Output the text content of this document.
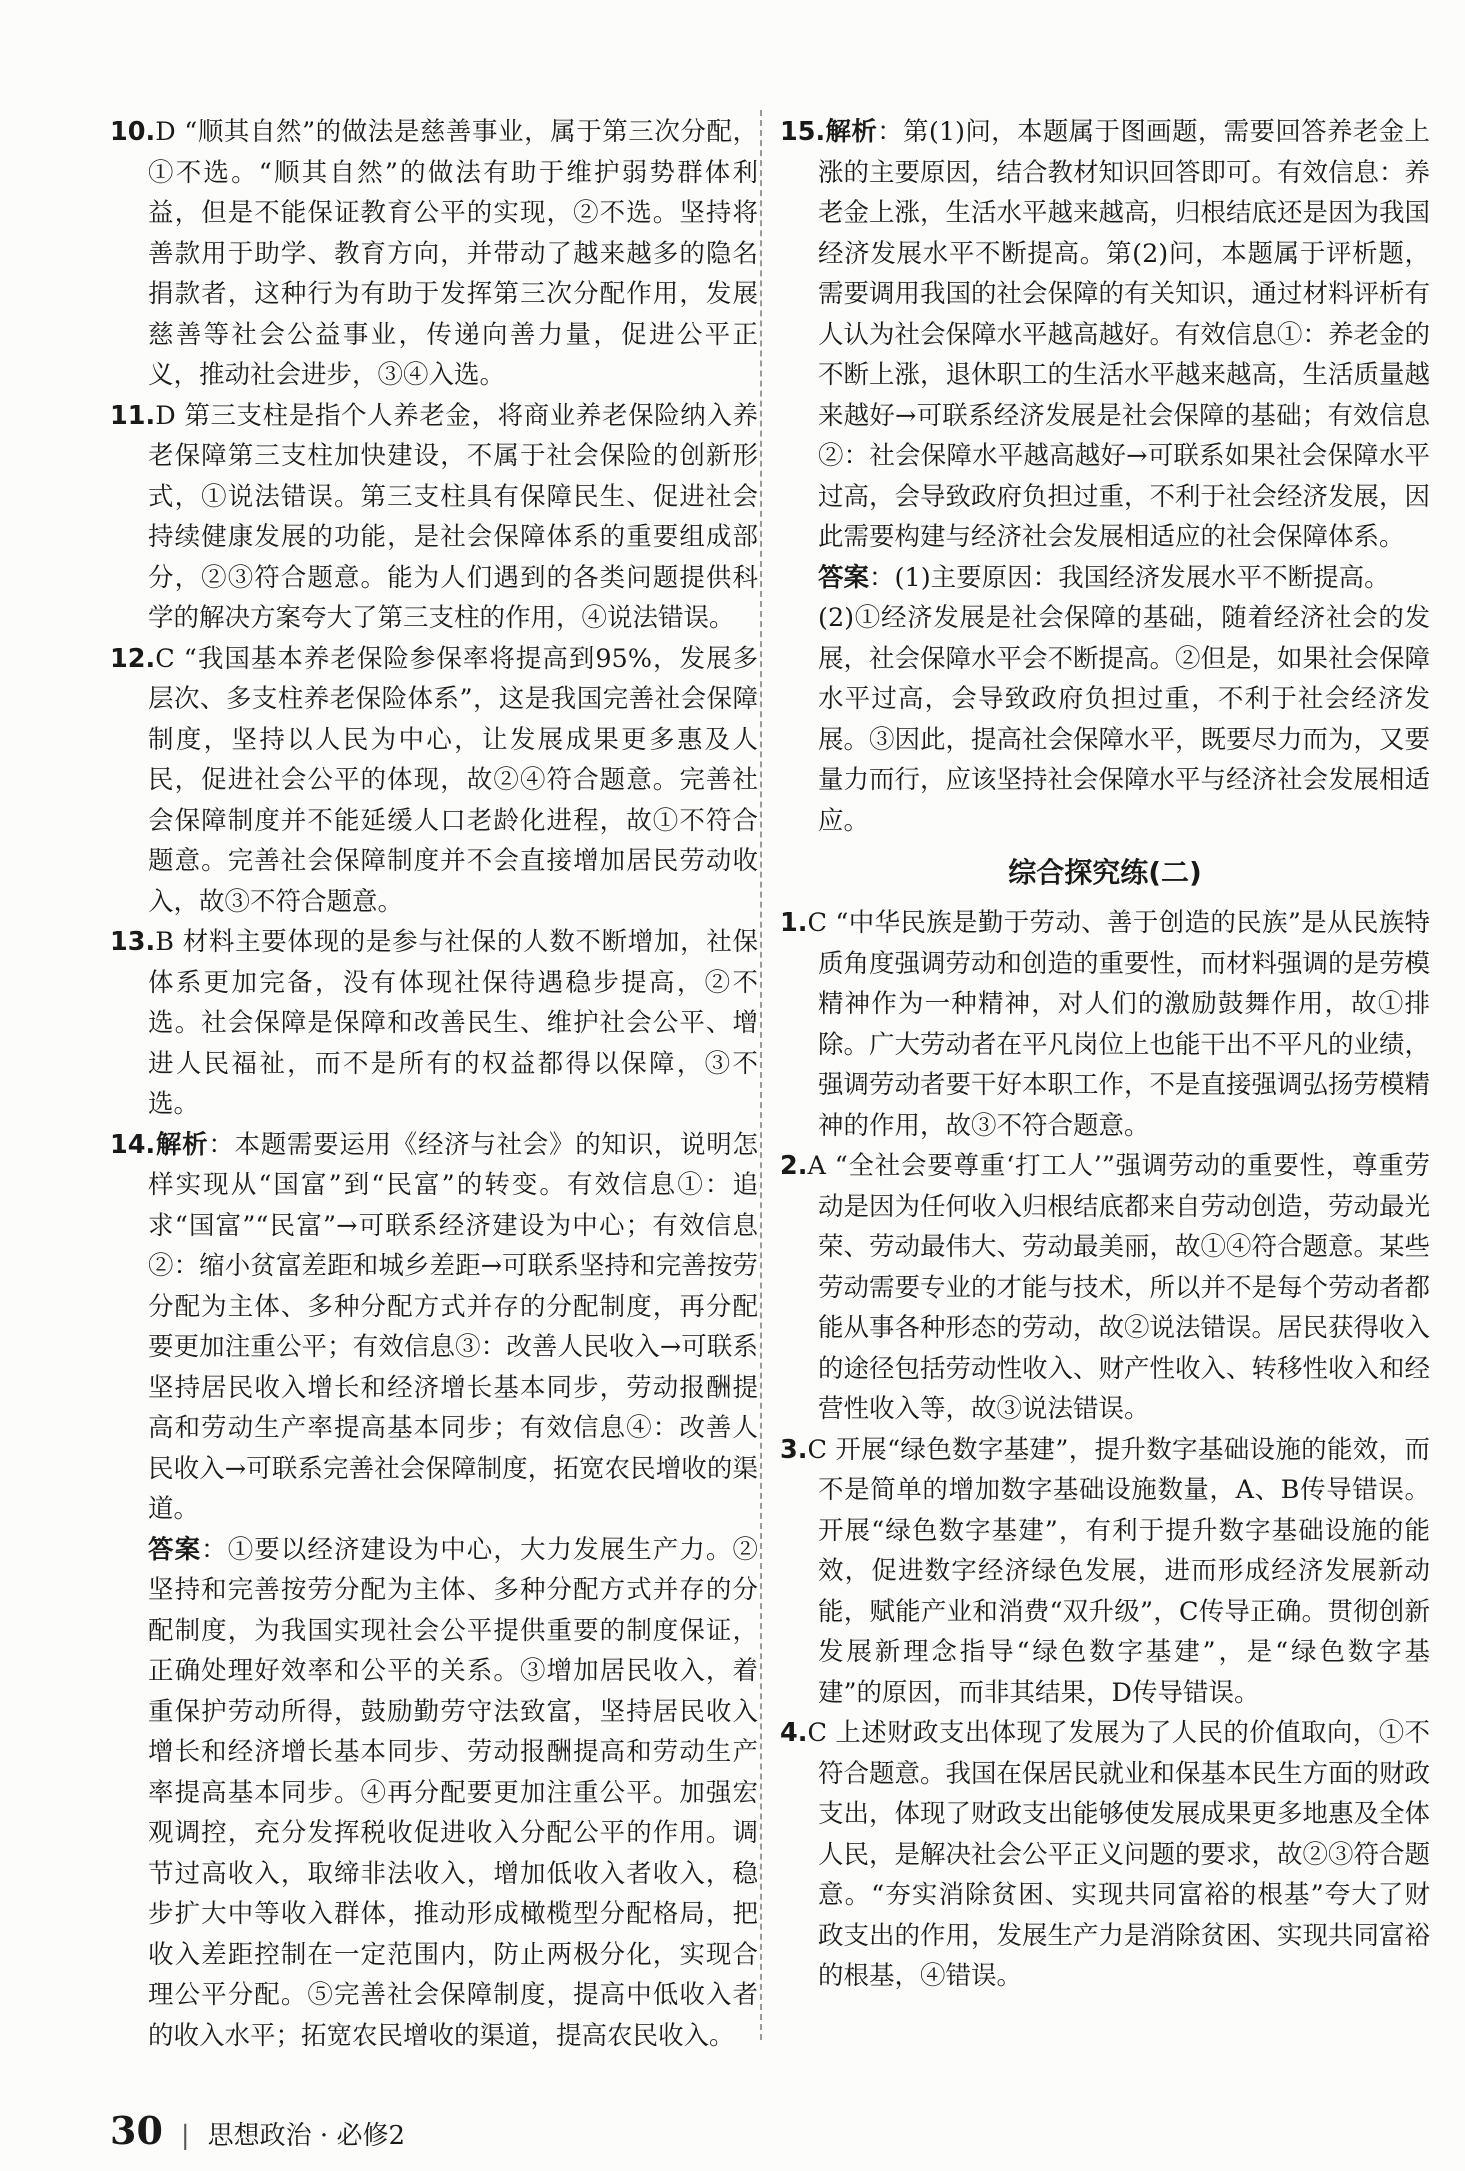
10.D “顺其自然”的做法是慈善事业，属于第三次分配，①不选。“顺其自然”的做法有助于维护弱势群体利益，但是不能保证教育公平的实现，②不选。坚持将善款用于助学、教育方向，并带动了越来越多的隐名捐款者，这种行为有助于发挥第三次分配作用，发展慈善等社会公益事业，传递向善力量，促进公平正义，推动社会进步，③④入选。

11.D 第三支柱是指个人养老金，将商业养老保险纳入养老保障第三支柱加快建设，不属于社会保险的创新形式，①说法错误。第三支柱具有保障民生、促进社会持续健康发展的功能，是社会保障体系的重要组成部分，②③符合题意。能为人们遇到的各类问题提供科学的解决方案夸大了第三支柱的作用，④说法错误。

12.C “我国基本养老保险参保率将提高到95%，发展多层次、多支柱养老保险体系”，这是我国完善社会保障制度，坚持以人民为中心，让发展成果更多惠及人民，促进社会公平的体现，故②④符合题意。完善社会保障制度并不能延缓人口老龄化进程，故①不符合题意。完善社会保障制度并不会直接增加居民劳动收入，故③不符合题意。

13.B 材料主要体现的是参与社保的人数不断增加，社保体系更加完备，没有体现社保待遇稳步提高，②不选。社会保障是保障和改善民生、维护社会公平、增进人民福祉，而不是所有的权益都得以保障，③不选。

14.解析：本题需要运用《经济与社会》的知识，说明怎样实现从“国富”到“民富”的转变。有效信息①：追求“国富”“民富”→可联系经济建设为中心；有效信息②：缩小贫富差距和城乡差距→可联系坚持和完善按劳分配为主体、多种分配方式并存的分配制度，再分配要更加注重公平；有效信息③：改善人民收入→可联系坚持居民收入增长和经济增长基本同步，劳动报酬提高和劳动生产率提高基本同步；有效信息④：改善人民收入→可联系完善社会保障制度，拓宽农民增收的渠道。

答案：①要以经济建设为中心，大力发展生产力。②坚持和完善按劳分配为主体、多种分配方式并存的分配制度，为我国实现社会公平提供重要的制度保证，正确处理好效率和公平的关系。③增加居民收入，着重保护劳动所得，鼓励勤劳守法致富，坚持居民收入增长和经济增长基本同步、劳动报酬提高和劳动生产率提高基本同步。④再分配要更加注重公平。加强宏观调控，充分发挥税收促进收入分配公平的作用。调节过高收入，取缔非法收入，增加低收入者收入，稳步扩大中等收入群体，推动形成橄榄型分配格局，把收入差距控制在一定范围内，防止两极分化，实现合理公平分配。⑤完善社会保障制度，提高中低收入者的收入水平；拓宽农民增收的渠道，提高农民收入。

15.解析：第(1)问，本题属于图画题，需要回答养老金上涨的主要原因，结合教材知识回答即可。有效信息：养老金上涨，生活水平越来越高，归根结底还是因为我国经济发展水平不断提高。第(2)问，本题属于评析题，需要调用我国的社会保障的有关知识，通过材料评析有人认为社会保障水平越高越好。有效信息①：养老金的不断上涨，退休职工的生活水平越来越高，生活质量越来越好→可联系经济发展是社会保障的基础；有效信息②：社会保障水平越高越好→可联系如果社会保障水平过高，会导致政府负担过重，不利于社会经济发展，因此需要构建与经济社会发展相适应的社会保障体系。

答案：(1)主要原因：我国经济发展水平不断提高。

(2)①经济发展是社会保障的基础，随着经济社会的发展，社会保障水平会不断提高。②但是，如果社会保障水平过高，会导致政府负担过重，不利于社会经济发展。③因此，提高社会保障水平，既要尽力而为，又要量力而行，应该坚持社会保障水平与经济社会发展相适应。

综合探究练(二)

1.C “中华民族是勤于劳动、善于创造的民族”是从民族特质角度强调劳动和创造的重要性，而材料强调的是劳模精神作为一种精神，对人们的激励鼓舞作用，故①排除。广大劳动者在平凡岗位上也能干出不平凡的业绩，强调劳动者要干好本职工作，不是直接强调弘扬劳模精神的作用，故③不符合题意。

2.A “全社会要尊重‘打工人’”强调劳动的重要性，尊重劳动是因为任何收入归根结底都来自劳动创造，劳动最光荣、劳动最伟大、劳动最美丽，故①④符合题意。某些劳动需要专业的才能与技术，所以并不是每个劳动者都能从事各种形态的劳动，故②说法错误。居民获得收入的途径包括劳动性收入、财产性收入、转移性收入和经营性收入等，故③说法错误。

3.C 开展“绿色数字基建”，提升数字基础设施的能效，而不是简单的增加数字基础设施数量，A、B传导错误。开展“绿色数字基建”，有利于提升数字基础设施的能效，促进数字经济绿色发展，进而形成经济发展新动能，赋能产业和消费“双升级”，C传导正确。贯彻创新发展新理念指导“绿色数字基建”，是“绿色数字基建”的原因，而非其结果，D传导错误。

4.C 上述财政支出体现了发展为了人民的价值取向，①不符合题意。我国在保居民就业和保基本民生方面的财政支出，体现了财政支出能够使发展成果更多地惠及全体人民，是解决社会公平正义问题的要求，故②③符合题意。“夯实消除贫困、实现共同富裕的根基”夸大了财政支出的作用，发展生产力是消除贫困、实现共同富裕的根基，④错误。

30 | 思想政治 · 必修2
